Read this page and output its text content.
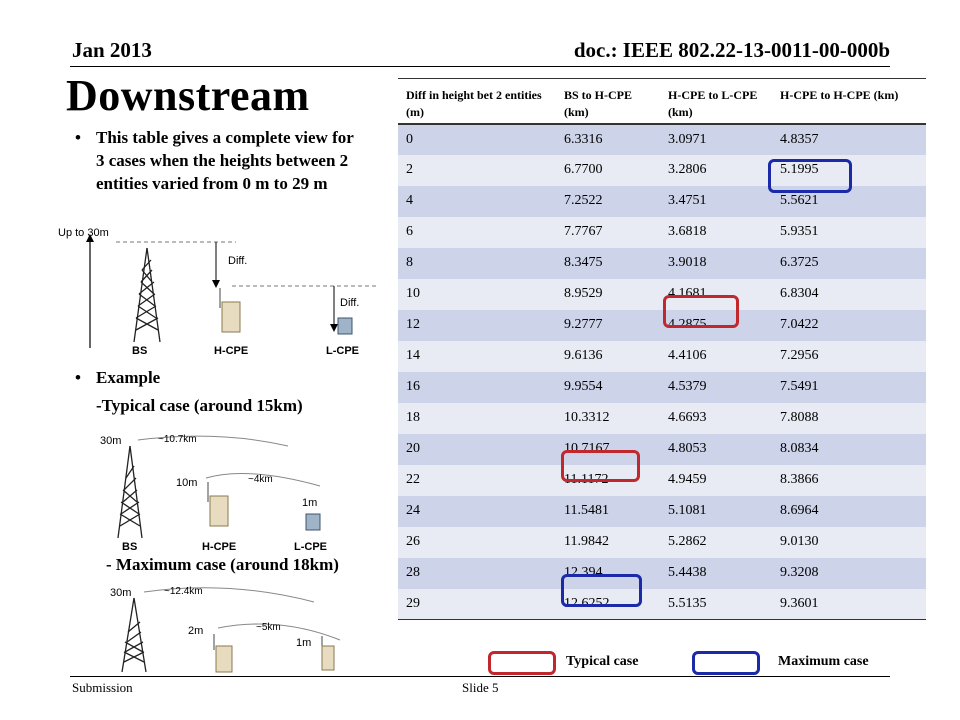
Jan 2013	doc.: IEEE 802.22-13-0011-00-000b
Downstream
• This table gives a complete view for 3 cases when the heights between 2 entities varied from 0 m to 29 m
BS
Diff.
H-CPE
Diff.
L-CPE
Up to 30m
• Example
-Typical case (around 15km)
30m	~10.7km
BS
10m	~4km
H-CPE
1m
L-CPE
- Maximum case (around 18km)
30m	~12.4km
2m	~5km
1m
Diff in height bet 2 entities (m)	BS to H-CPE (km)	H-CPE to L-CPE (km)	H-CPE to H-CPE (km)
0	6.3316	3.0971	4.8357
2	6.7700	3.2806	5.1995
4	7.2522	3.4751	5.5621
6	7.7767	3.6818	5.9351
8	8.3475	3.9018	6.3725
10	8.9529	4.1681	6.8304
12	9.2777	4.2875	7.0422
14	9.6136	4.4106	7.2956
16	9.9554	4.5379	7.5491
18	10.3312	4.6693	7.8088
20	10.7167	4.8053	8.0834
22	11.1172	4.9459	8.3866
24	11.5481	5.1081	8.6964
26	11.9842	5.2862	9.0130
28	12.394	5.4438	9.3208
29	12.6252	5.5135	9.3601
Typical case	Maximum case
Submission	Slide 5
